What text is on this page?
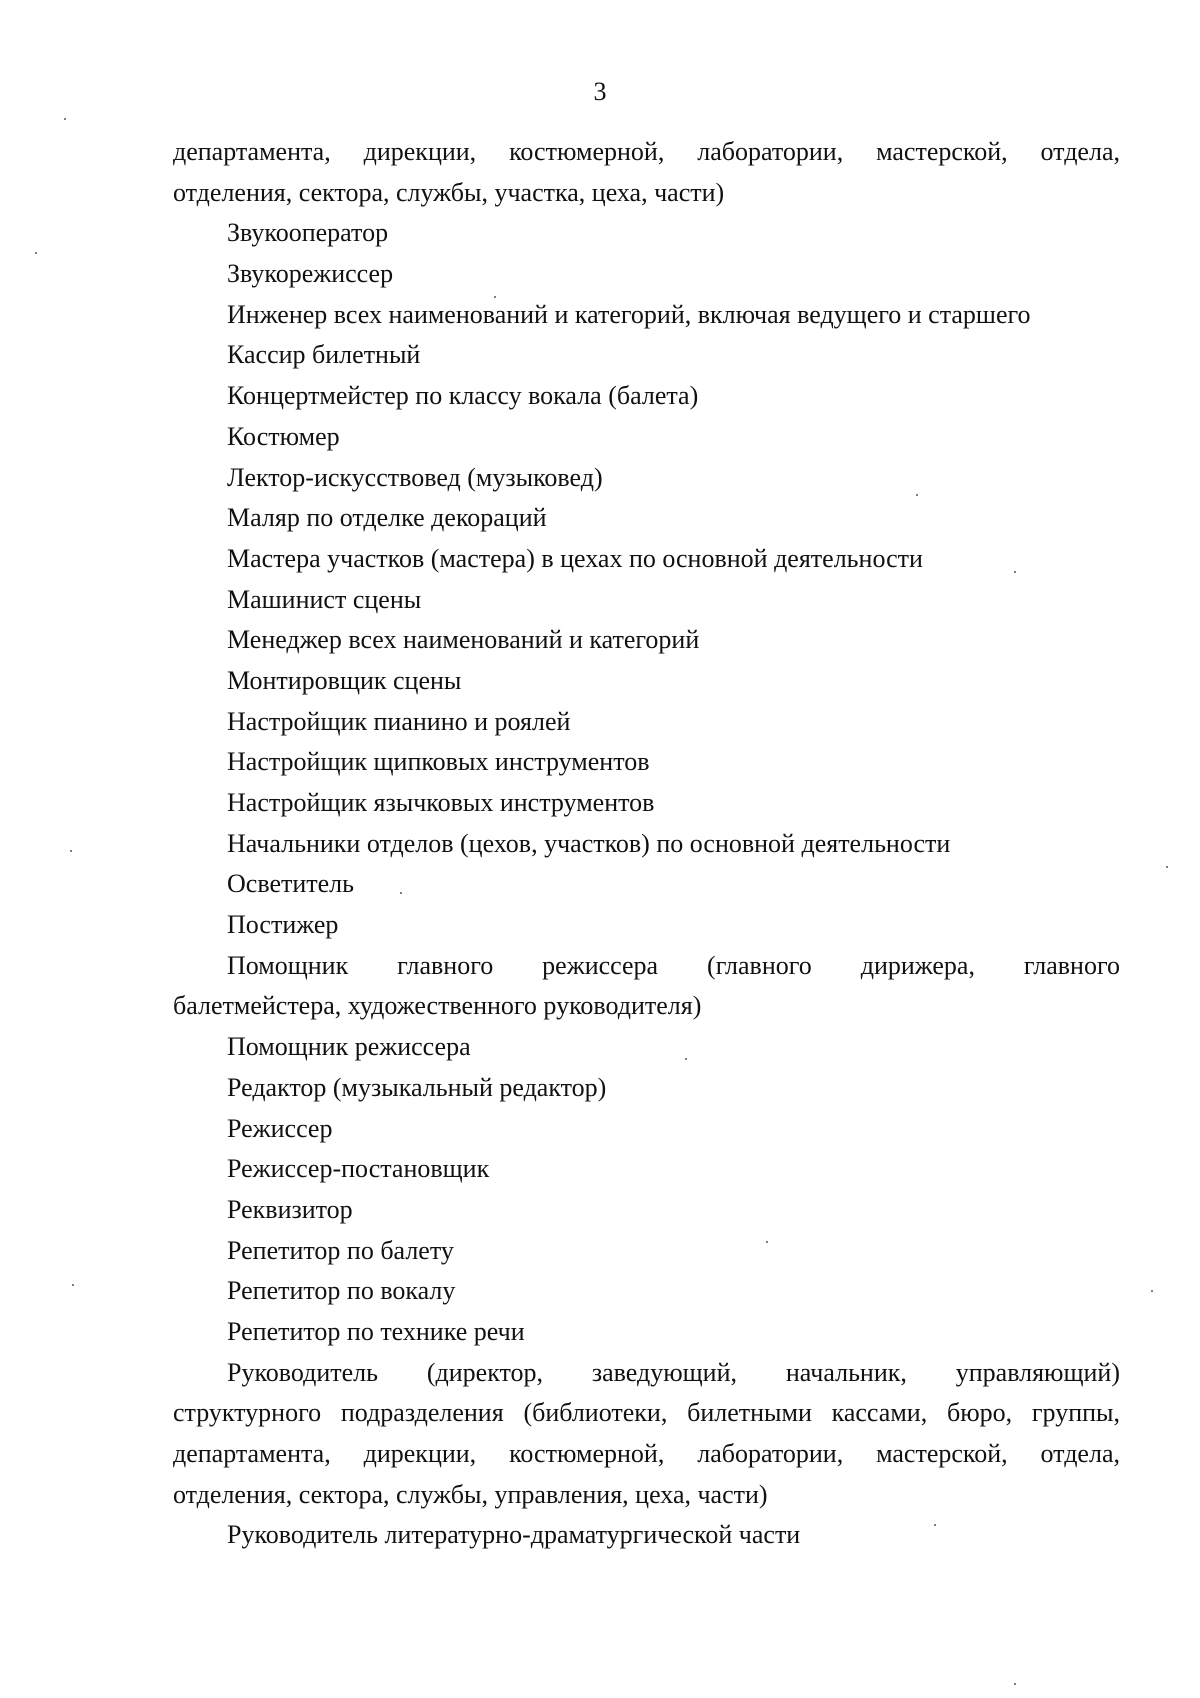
3
департамента, дирекции, костюмерной, лаборатории, мастерской, отдела,
отделения, сектора, службы, участка, цеха, части)
Звукооператор
Звукорежиссер
Инженер всех наименований и категорий, включая ведущего и старшего
Кассир билетный
Концертмейстер по классу вокала (балета)
Костюмер
Лектор-искусствовед (музыковед)
Маляр по отделке декораций
Мастера участков (мастера) в цехах по основной деятельности
Машинист сцены
Менеджер всех наименований и категорий
Монтировщик сцены
Настройщик пианино и роялей
Настройщик щипковых инструментов
Настройщик язычковых инструментов
Начальники отделов (цехов, участков) по основной деятельности
Осветитель
Постижер
Помощник главного режиссера (главного дирижера, главного
балетмейстера, художественного руководителя)
Помощник режиссера
Редактор (музыкальный редактор)
Режиссер
Режиссер-постановщик
Реквизитор
Репетитор по балету
Репетитор по вокалу
Репетитор по технике речи
Руководитель (директор, заведующий, начальник, управляющий)
структурного подразделения (библиотеки, билетными кассами, бюро, группы,
департамента, дирекции, костюмерной, лаборатории, мастерской, отдела,
отделения, сектора, службы, управления, цеха, части)
Руководитель литературно-драматургической части
